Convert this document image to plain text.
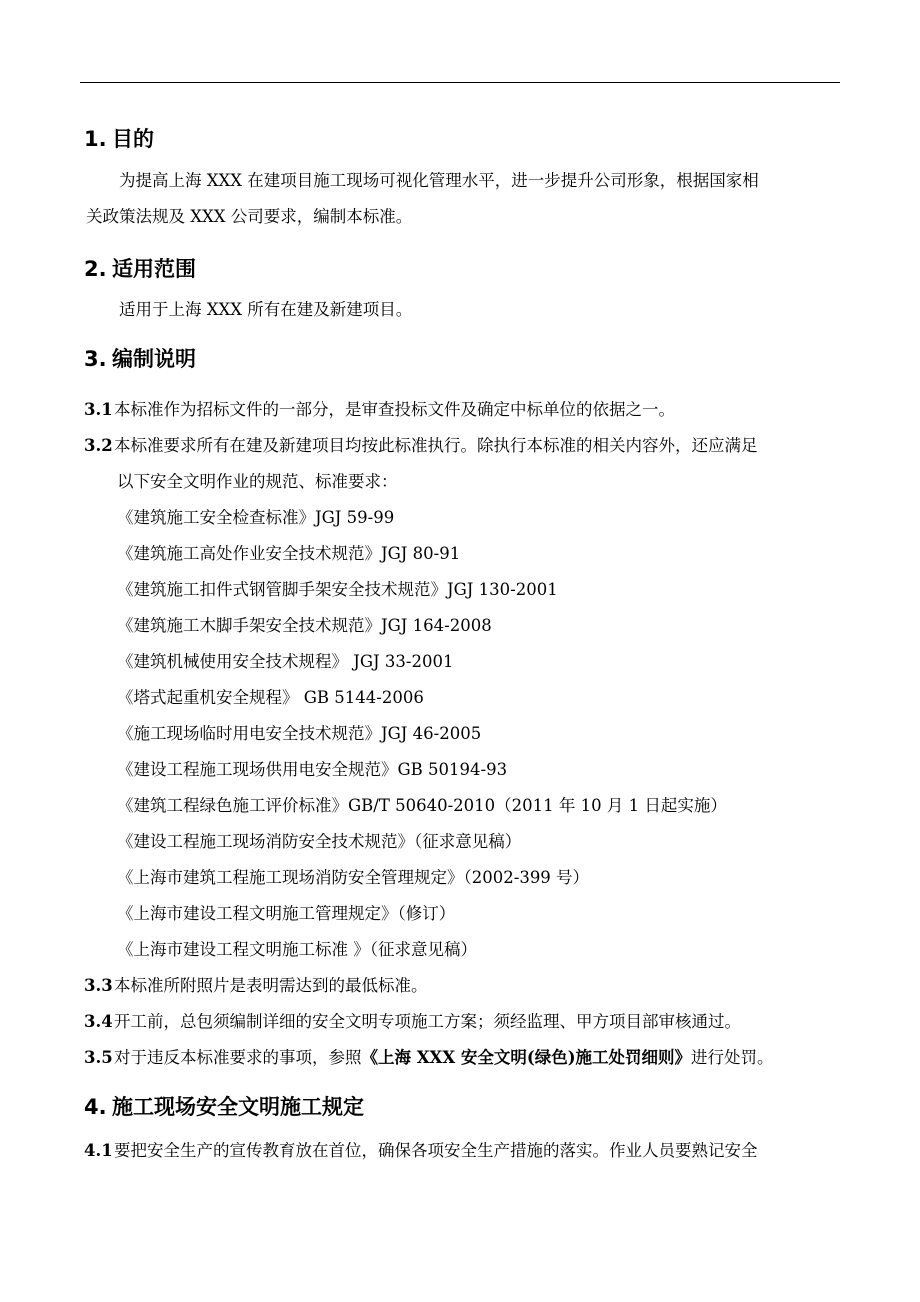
1. 目的
为提高上海 XXX 在建项目施工现场可视化管理水平，进一步提升公司形象，根据国家相
关政策法规及 XXX 公司要求，编制本标准。
2. 适用范围
适用于上海 XXX 所有在建及新建项目。
3. 编制说明
3.1本标准作为招标文件的一部分，是审查投标文件及确定中标单位的依据之一。
3.2本标准要求所有在建及新建项目均按此标准执行。除执行本标准的相关内容外，还应满足
以下安全文明作业的规范、标准要求：
《建筑施工安全检查标准》JGJ 59-99
《建筑施工高处作业安全技术规范》JGJ 80-91
《建筑施工扣件式钢管脚手架安全技术规范》JGJ 130-2001
《建筑施工木脚手架安全技术规范》JGJ 164-2008
《建筑机械使用安全技术规程》 JGJ 33-2001
《塔式起重机安全规程》 GB 5144-2006
《施工现场临时用电安全技术规范》JGJ 46-2005
《建设工程施工现场供用电安全规范》GB 50194-93
《建筑工程绿色施工评价标准》GB/T 50640-2010（2011 年 10 月 1 日起实施）
《建设工程施工现场消防安全技术规范》（征求意见稿）
《上海市建筑工程施工现场消防安全管理规定》（2002-399 号）
《上海市建设工程文明施工管理规定》（修订）
《上海市建设工程文明施工标准 》（征求意见稿）
3.3本标准所附照片是表明需达到的最低标准。
3.4开工前，总包须编制详细的安全文明专项施工方案；须经监理、甲方项目部审核通过。
3.5对于违反本标准要求的事项，参照《上海 XXX 安全文明(绿色)施工处罚细则》进行处罚。
4. 施工现场安全文明施工规定
4.1要把安全生产的宣传教育放在首位，确保各项安全生产措施的落实。作业人员要熟记安全
